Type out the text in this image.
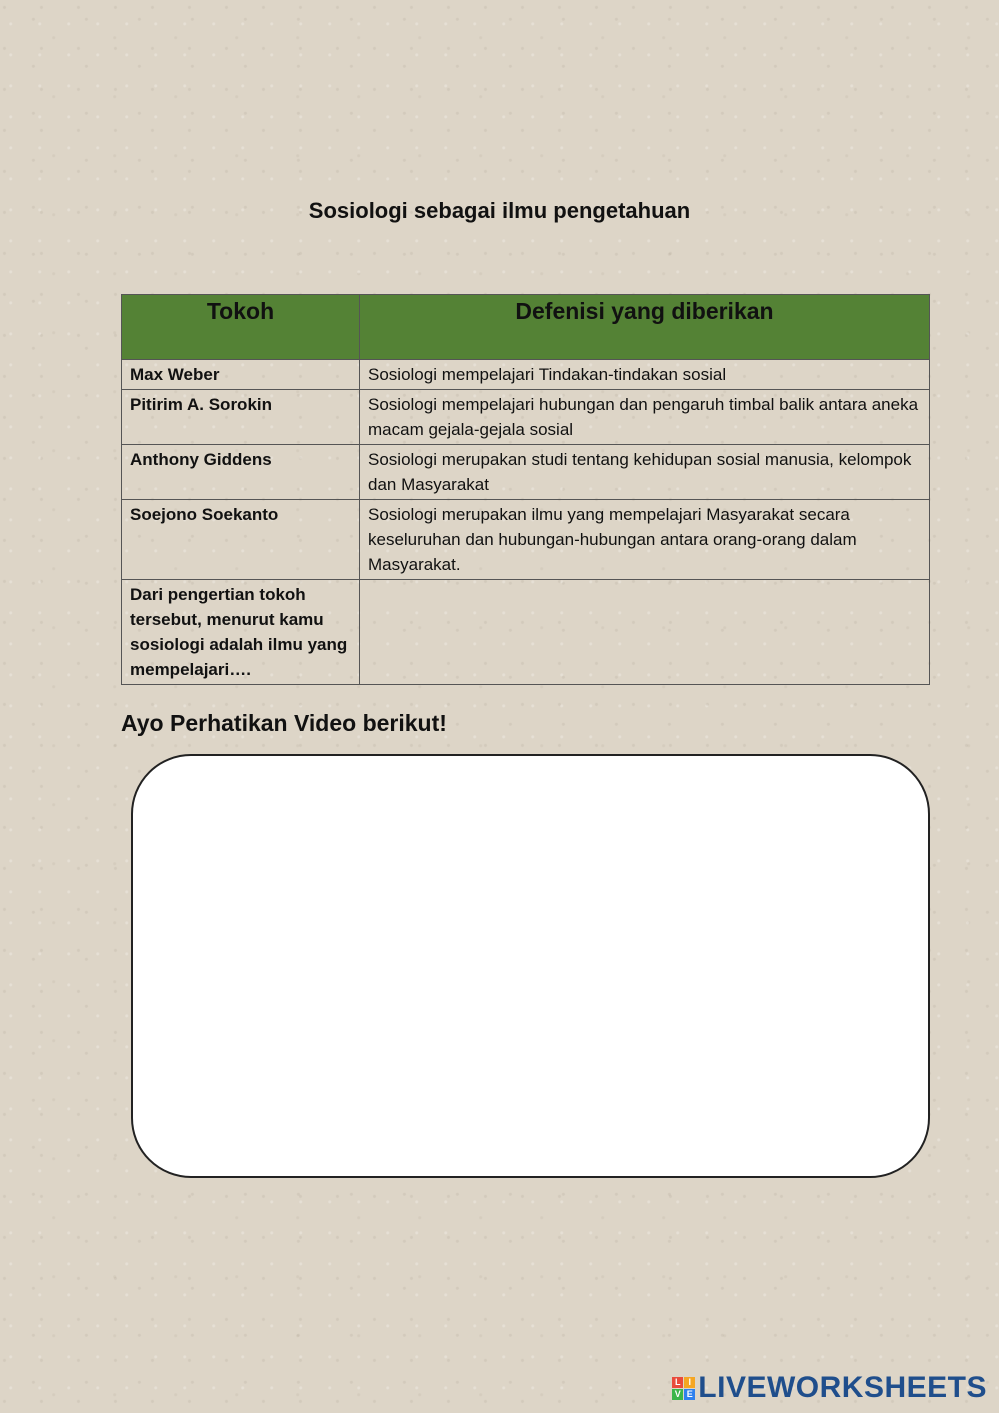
Sosiologi sebagai ilmu pengetahuan
Tokoh	Defenisi yang diberikan
Max Weber	Sosiologi mempelajari Tindakan-tindakan sosial
Pitirim A. Sorokin	Sosiologi mempelajari hubungan dan pengaruh timbal balik antara aneka macam gejala-gejala sosial
Anthony Giddens	Sosiologi merupakan studi tentang kehidupan sosial manusia, kelompok dan Masyarakat
Soejono Soekanto	Sosiologi merupakan ilmu yang mempelajari Masyarakat secara keseluruhan dan hubungan-hubungan antara orang-orang dalam Masyarakat.
Dari pengertian tokoh tersebut, menurut kamu sosiologi adalah ilmu yang mempelajari….	
Ayo Perhatikan Video berikut!
L I
V E LIVEWORKSHEETS
